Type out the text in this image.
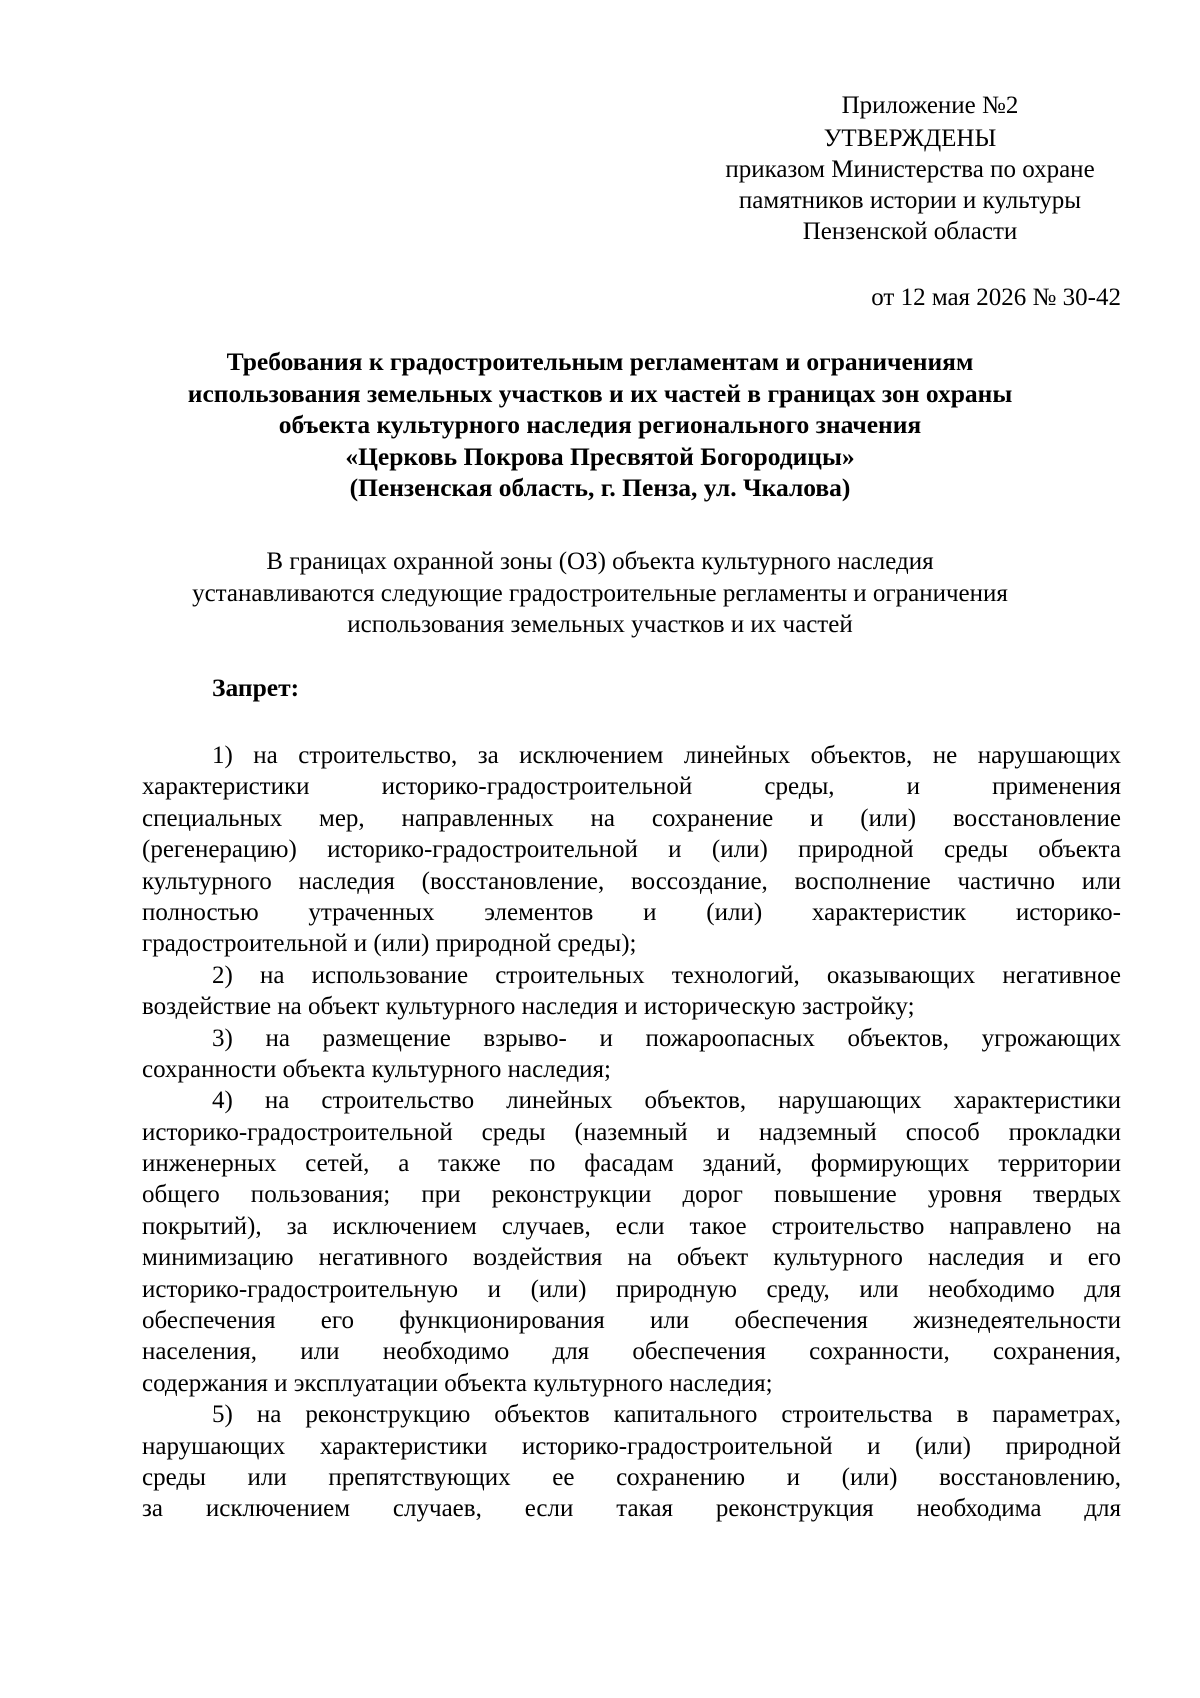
Приложение №2
УТВЕРЖДЕНЫ
приказом Министерства по охране
памятников истории и культуры
Пензенской области
от 12 мая 2026 № 30-42
Требования к градостроительным регламентам и ограничениям
использования земельных участков и их частей в границах зон охраны
объекта культурного наследия регионального значения
«Церковь Покрова Пресвятой Богородицы»
(Пензенская область, г. Пенза, ул. Чкалова)
В границах охранной зоны (ОЗ) объекта культурного наследия
устанавливаются следующие градостроительные регламенты и ограничения
использования земельных участков и их частей
Запрет:
1) на строительство, за исключением линейных объектов, не нарушающих
характеристики историко-градостроительной среды, и применения
специальных мер, направленных на сохранение и (или) восстановление
(регенерацию) историко-градостроительной и (или) природной среды объекта
культурного наследия (восстановление, воссоздание, восполнение частично или
полностью утраченных элементов и (или) характеристик историко-
градостроительной и (или) природной среды);
2) на использование строительных технологий, оказывающих негативное
воздействие на объект культурного наследия и историческую застройку;
3) на размещение взрыво- и пожароопасных объектов, угрожающих
сохранности объекта культурного наследия;
4) на строительство линейных объектов, нарушающих характеристики
историко-градостроительной среды (наземный и надземный способ прокладки
инженерных сетей, а также по фасадам зданий, формирующих территории
общего пользования; при реконструкции дорог повышение уровня твердых
покрытий), за исключением случаев, если такое строительство направлено на
минимизацию негативного воздействия на объект культурного наследия и его
историко-градостроительную и (или) природную среду, или необходимо для
обеспечения его функционирования или обеспечения жизнедеятельности
населения, или необходимо для обеспечения сохранности, сохранения,
содержания и эксплуатации объекта культурного наследия;
5) на реконструкцию объектов капитального строительства в параметрах,
нарушающих характеристики историко-градостроительной и (или) природной
среды или препятствующих ее сохранению и (или) восстановлению,
за исключением случаев, если такая реконструкция необходима для
